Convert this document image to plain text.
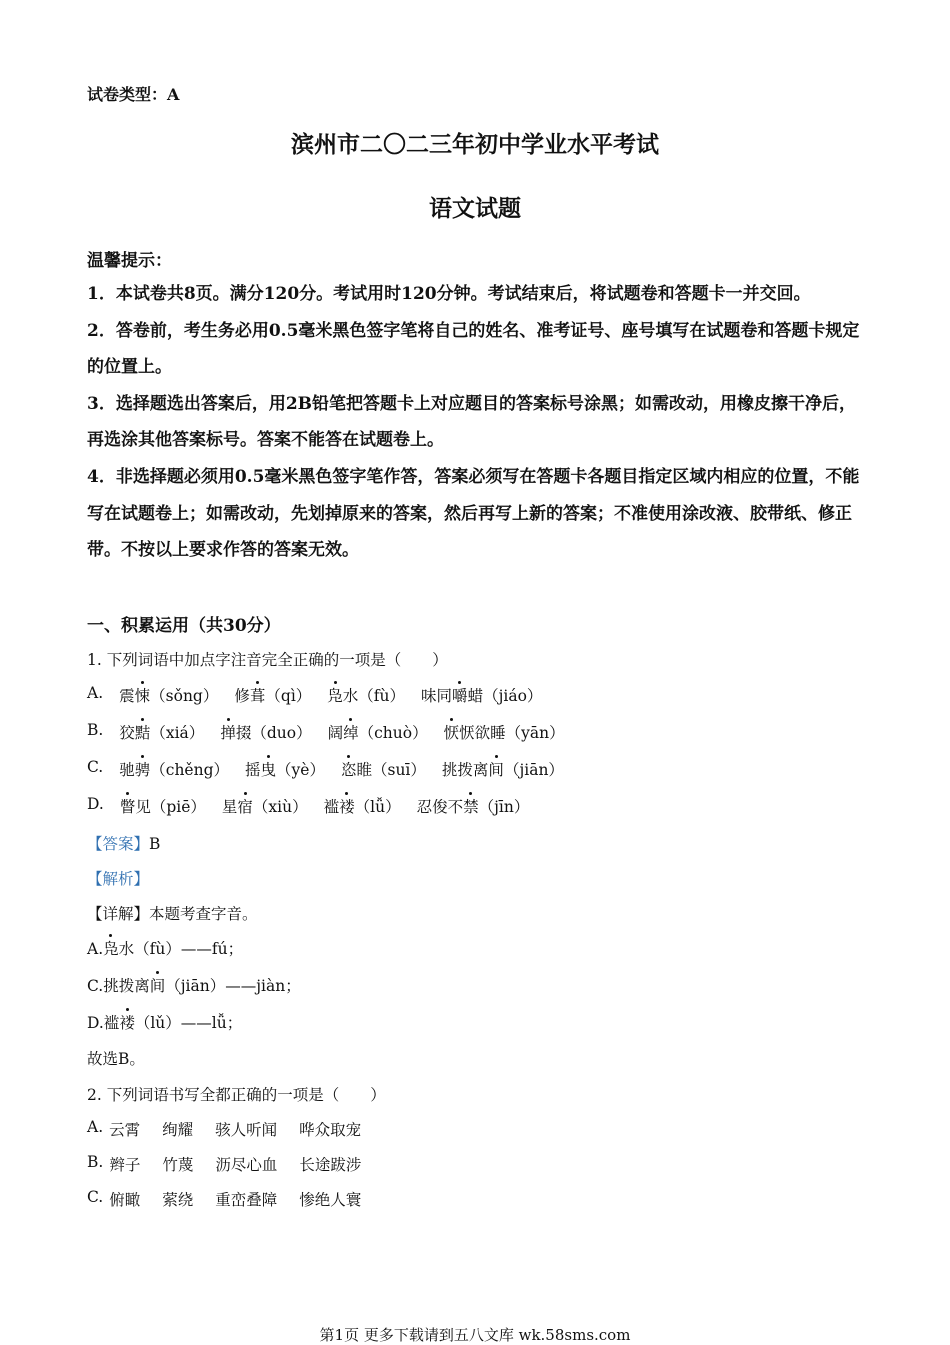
试卷类型：A
滨州市二〇二三年初中学业水平考试
语文试题
温馨提示：

1．本试卷共8页。满分120分。考试用时120分钟。考试结束后，将试题卷和答题卡一并交回。

2．答卷前，考生务必用0.5毫米黑色签字笔将自己的姓名、准考证号、座号填写在试题卷和答题卡规定的位置上。

3．选择题选出答案后，用2B铅笔把答题卡上对应题目的答案标号涂黑；如需改动，用橡皮擦干净后，再选涂其他答案标号。答案不能答在试题卷上。

4．非选择题必须用0.5毫米黑色签字笔作答，答案必须写在答题卡各题目指定区域内相应的位置，不能写在试题卷上；如需改动，先划掉原来的答案，然后再写上新的答案；不准使用涂改液、胶带纸、修正带。不按以上要求作答的答案无效。

一、积累运用（共30分）
1. 下列词语中加点字注音完全正确的一项是（　　）
A. 震悚（sǒng） 修葺（qì） 凫水（fù） 味同嚼蜡（jiáo）
B. 狡黠（xiá） 掸掇（duo） 阔绰（chuò） 恹恹欲睡（yān）
C. 驰骋（chěng） 摇曳（yè） 恣睢（suī） 挑拨离间（jiān）
D. 瞥见（piē） 星宿（xiù） 褴褛（lǚ） 忍俊不禁（jīn）
【答案】B
【解析】
【详解】本题考查字音。
A.凫水（fù）——fú；
C.挑拨离间（jiān）——jiàn；
D.褴褛（lǔ）——lǚ；
故选B。
2. 下列词语书写全都正确的一项是（　　）
A. 云霄 绚耀 骇人听闻 哗众取宠
B. 辫子 竹蔑 沥尽心血 长途跋涉
C. 俯瞰 萦绕 重峦叠障 惨绝人寰
第1页 更多下载请到五八文库 wk.58sms.com
